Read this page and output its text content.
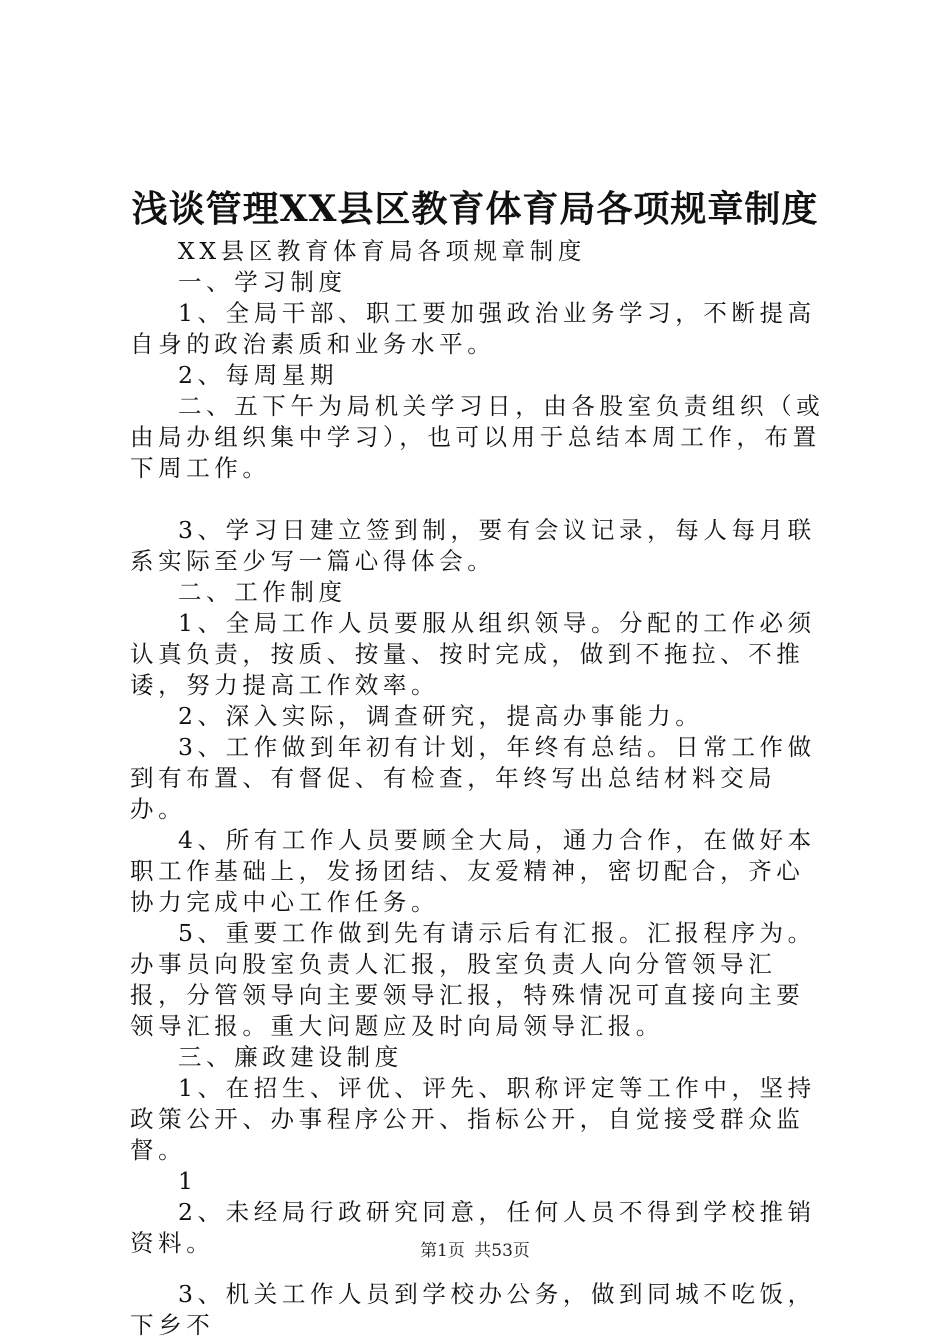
浅谈管理XX县区教育体育局各项规章制度

XX县区教育体育局各项规章制度

一、学习制度

1、全局干部、职工要加强政治业务学习，不断提高自身的政治素质和业务水平。

2、每周星期

二、五下午为局机关学习日，由各股室负责组织（或由局办组织集中学习），也可以用于总结本周工作，布置下周工作。

3、学习日建立签到制，要有会议记录，每人每月联系实际至少写一篇心得体会。

二、工作制度

1、全局工作人员要服从组织领导。分配的工作必须认真负责，按质、按量、按时完成，做到不拖拉、不推诿，努力提高工作效率。

2、深入实际，调查研究，提高办事能力。

3、工作做到年初有计划，年终有总结。日常工作做到有布置、有督促、有检查，年终写出总结材料交局办。

4、所有工作人员要顾全大局，通力合作，在做好本职工作基础上，发扬团结、友爱精神，密切配合，齐心协力完成中心工作任务。

5、重要工作做到先有请示后有汇报。汇报程序为。办事员向股室负责人汇报，股室负责人向分管领导汇报，分管领导向主要领导汇报，特殊情况可直接向主要领导汇报。重大问题应及时向局领导汇报。

三、廉政建设制度

1、在招生、评优、评先、职称评定等工作中，坚持政策公开、办事程序公开、指标公开，自觉接受群众监督。

1

2、未经局行政研究同意，任何人员不得到学校推销资料。

3、机关工作人员到学校办公务，做到同城不吃饭，下乡不

第1页 共53页
